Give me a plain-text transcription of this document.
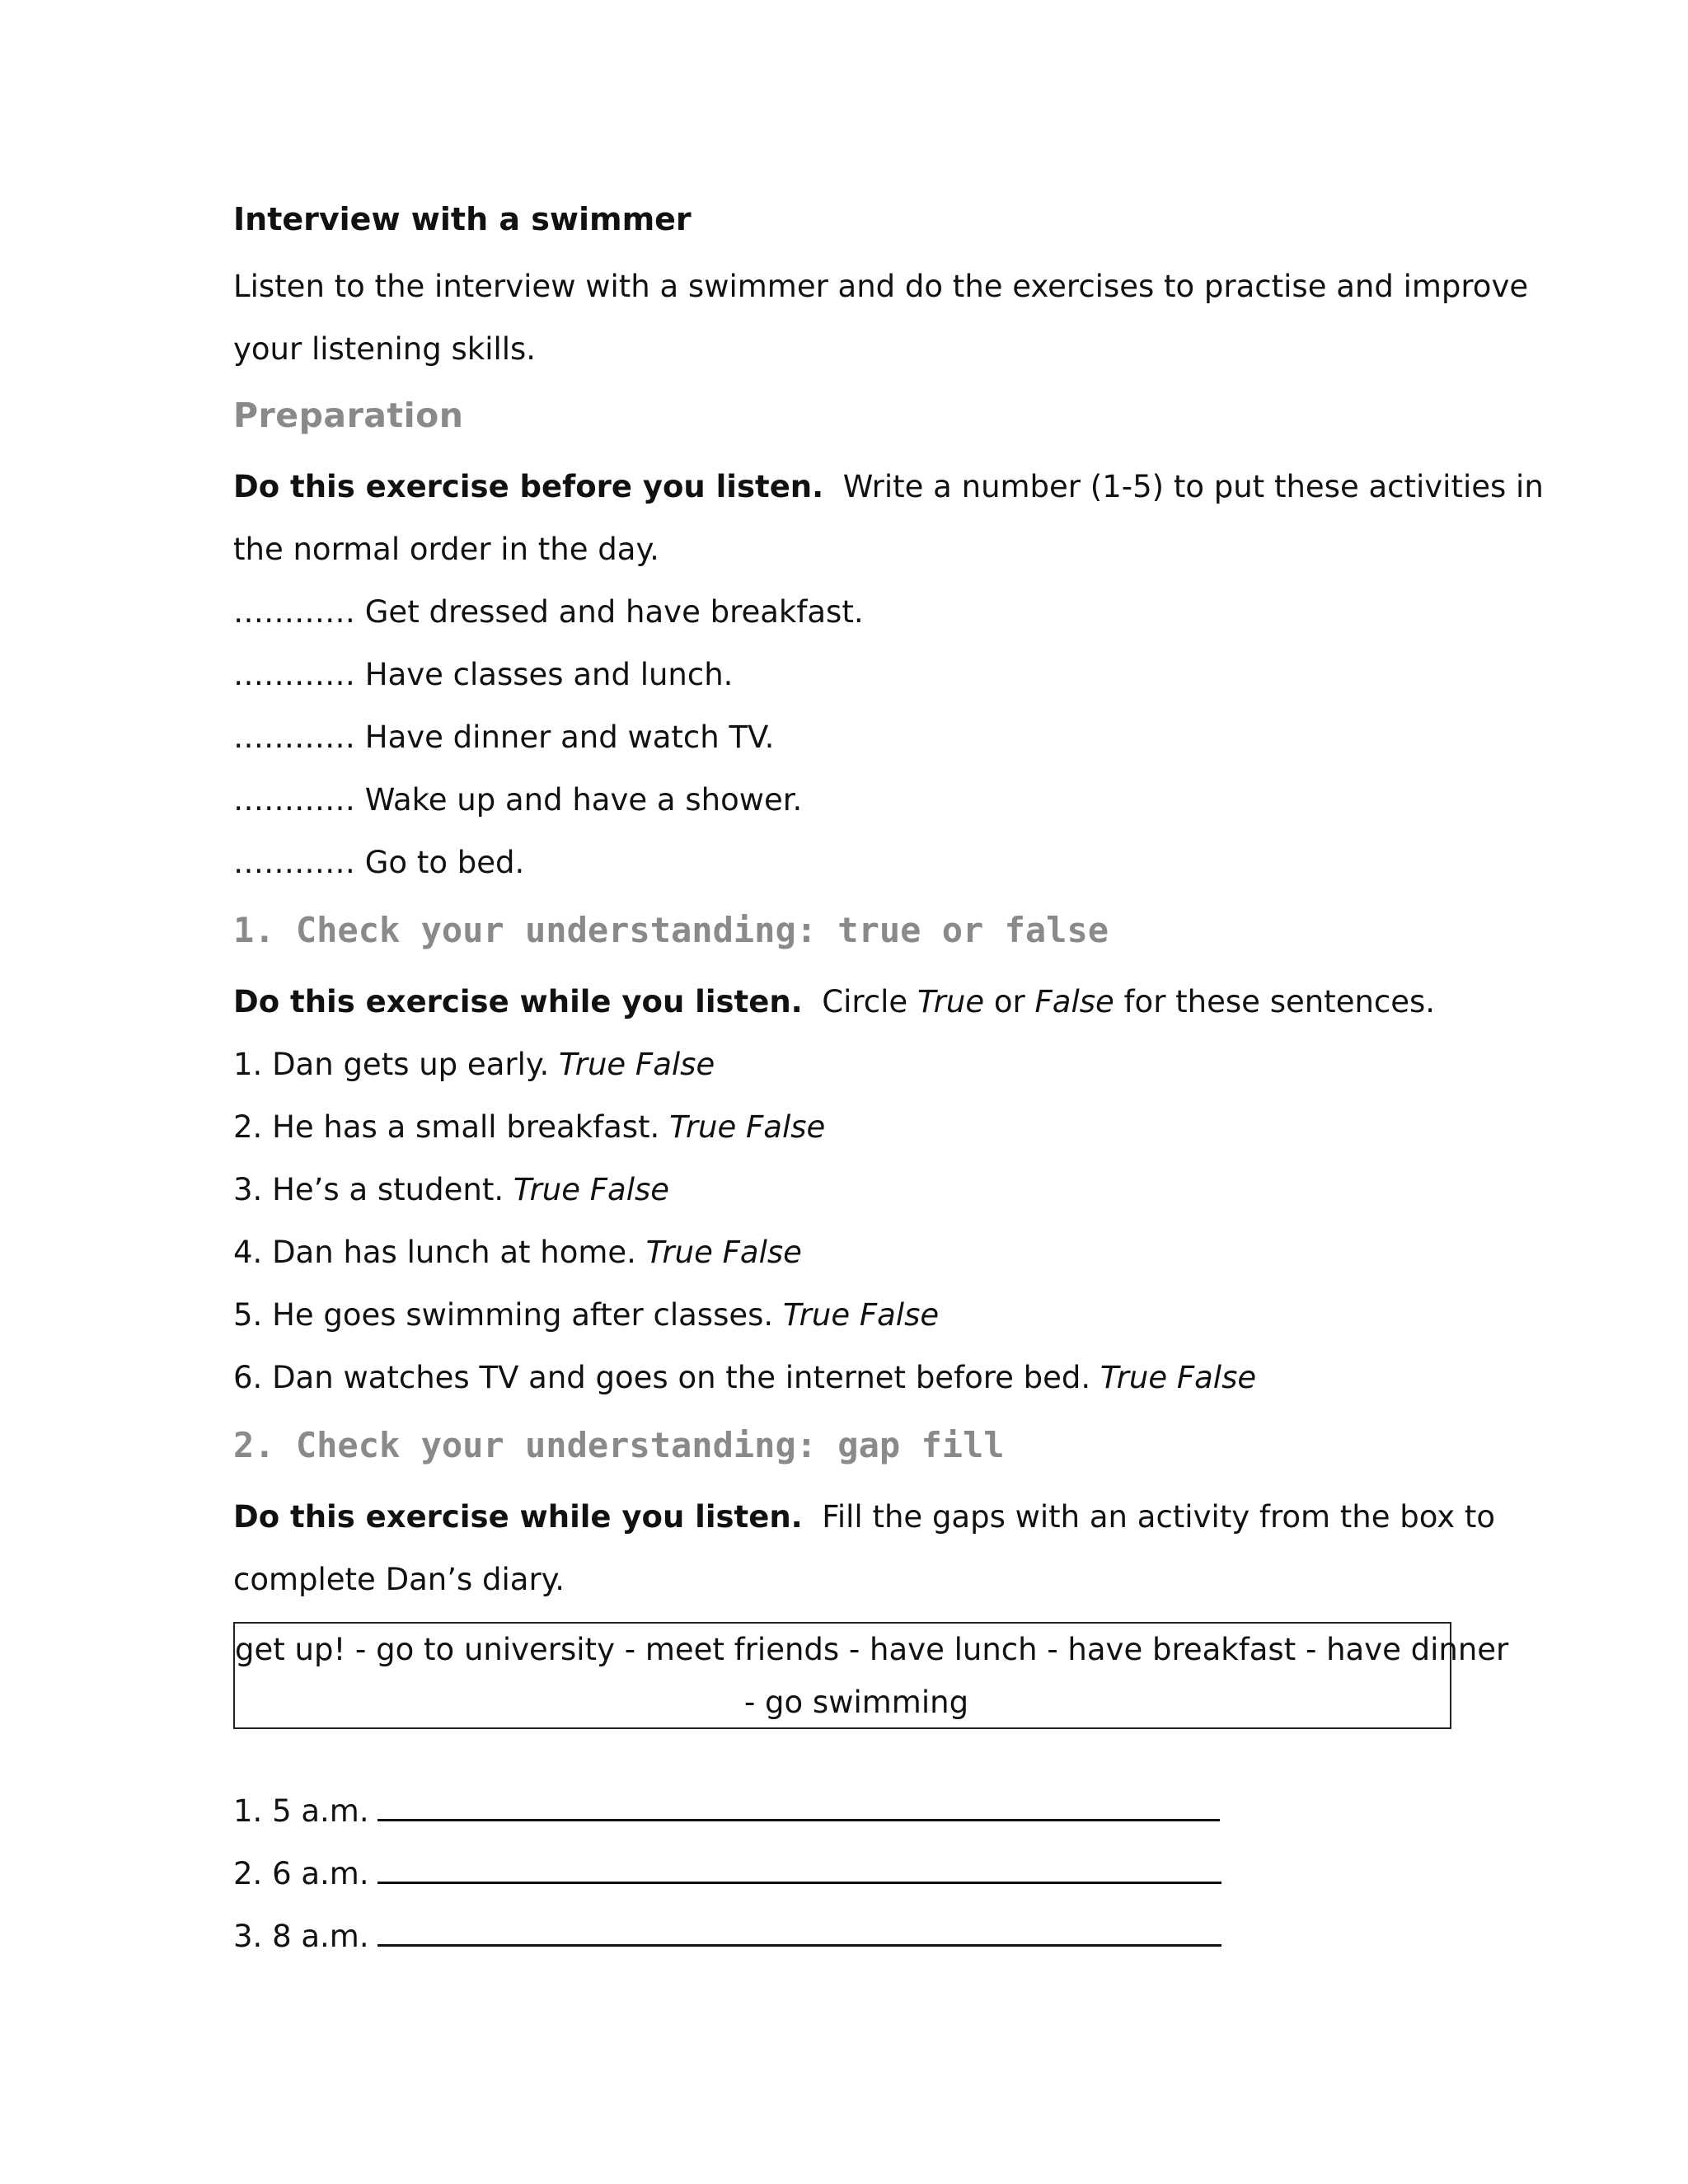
Interview with a swimmer
Listen to the interview with a swimmer and do the exercises to practise and improve
your listening skills.
Preparation
Do this exercise before you listen. Write a number (1-5) to put these activities in
the normal order in the day.
………… Get dressed and have breakfast.
………… Have classes and lunch.
………… Have dinner and watch TV.
………… Wake up and have a shower.
………… Go to bed.
1. Check your understanding: true or false
Do this exercise while you listen. Circle True or False for these sentences.
1. Dan gets up early. True False
2. He has a small breakfast. True False
3. He’s a student. True False
4. Dan has lunch at home. True False
5. He goes swimming after classes. True False
6. Dan watches TV and goes on the internet before bed. True False
2. Check your understanding: gap fill
Do this exercise while you listen. Fill the gaps with an activity from the box to
complete Dan’s diary.
get up! - go to university - meet friends - have lunch - have breakfast - have dinner
- go swimming
1. 5 a.m.
2. 6 a.m.
3. 8 a.m.
